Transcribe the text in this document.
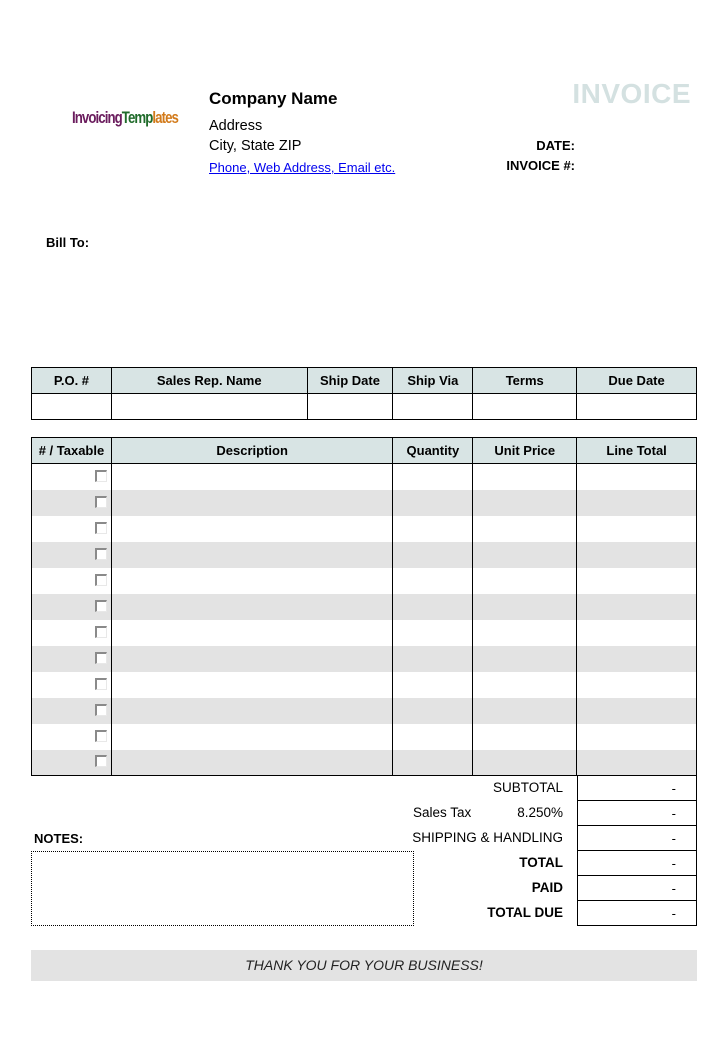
InvoicingTemplates
Company Name
Address
City, State ZIP
Phone, Web Address, Email etc.
INVOICE
DATE:
INVOICE #:
Bill To:
P.O. #	Sales Rep. Name	Ship Date	Ship Via	Terms	Due Date

# / Taxable	Description	Quantity	Unit Price	Line Total

SUBTOTAL	-
Sales Tax	8.250%	-
SHIPPING & HANDLING	-
TOTAL	-
PAID	-
TOTAL DUE	-
NOTES:
THANK YOU FOR YOUR BUSINESS!
